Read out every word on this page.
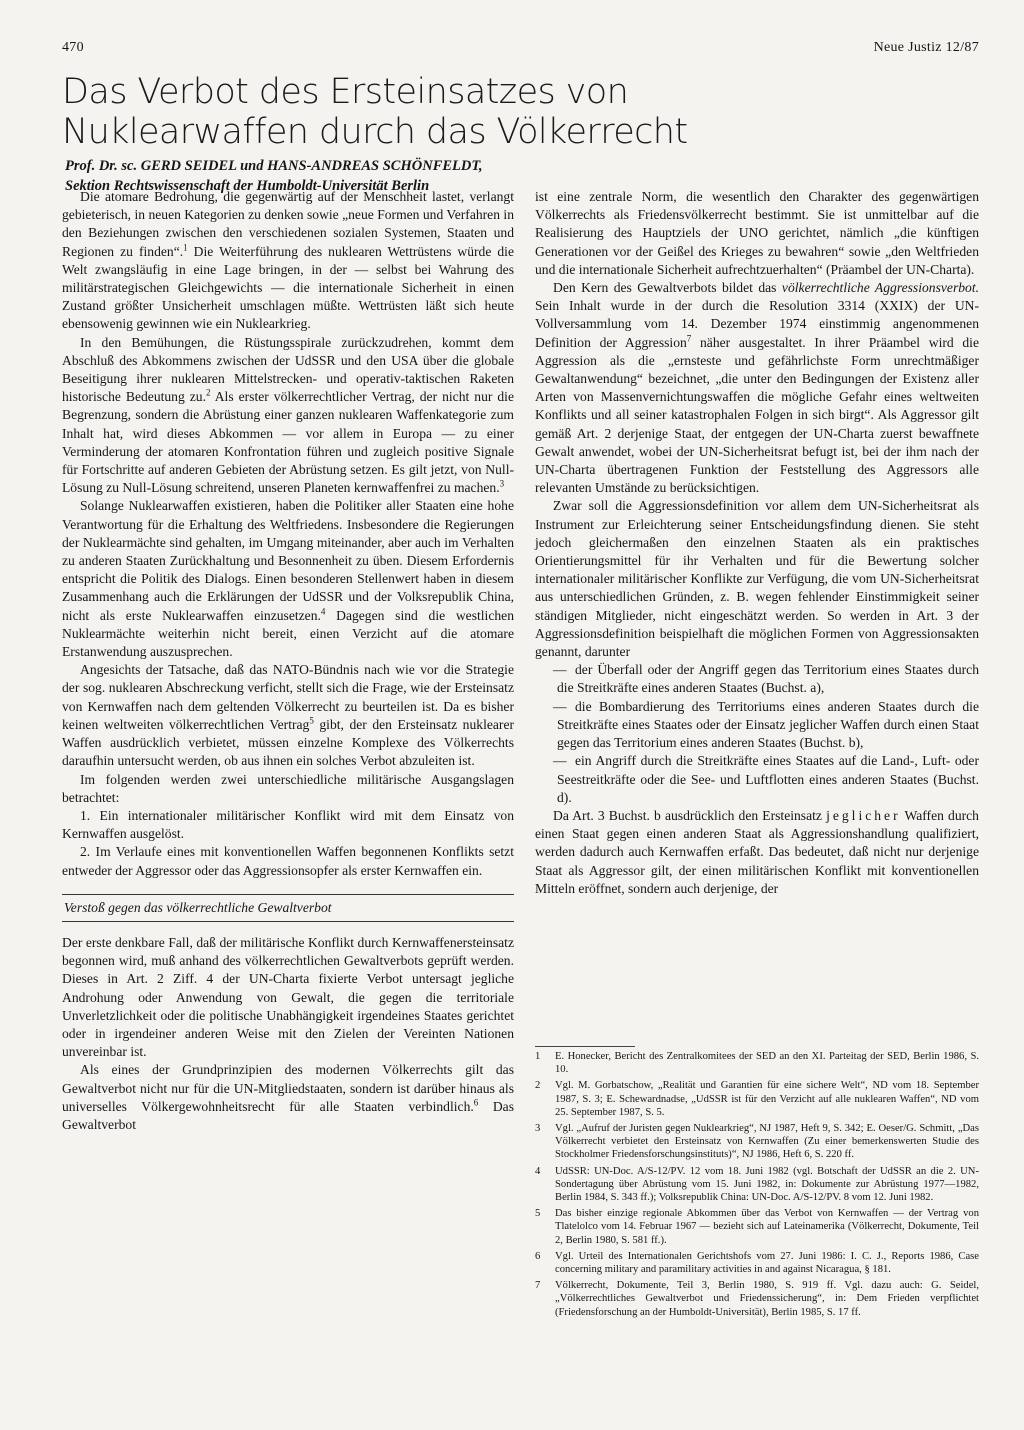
470	Neue Justiz 12/87
Das Verbot des Ersteinsatzes von Nuklearwaffen durch das Völkerrecht
Prof. Dr. sc. GERD SEIDEL und HANS-ANDREAS SCHÖNFELDT,
Sektion Rechtswissenschaft der Humboldt-Universität Berlin

Die atomare Bedrohung, die gegenwärtig auf der Menschheit lastet, verlangt gebieterisch, in neuen Kategorien zu denken sowie „neue Formen und Verfahren in den Beziehungen zwischen den verschiedenen sozialen Systemen, Staaten und Regionen zu finden“.$^1$ Die Weiterführung des nuklearen Wettrüstens würde die Welt zwangsläufig in eine Lage bringen, in der — selbst bei Wahrung des militärstrategischen Gleichgewichts — die internationale Sicherheit in einen Zustand größter Unsicherheit umschlagen müßte. Wettrüsten läßt sich heute ebensowenig gewinnen wie ein Nuklearkrieg.

In den Bemühungen, die Rüstungsspirale zurückzudrehen, kommt dem Abschluß des Abkommens zwischen der UdSSR und den USA über die globale Beseitigung ihrer nuklearen Mittelstrecken- und operativ-taktischen Raketen historische Bedeutung zu.$^2$ Als erster völkerrechtlicher Vertrag, der nicht nur die Begrenzung, sondern die Abrüstung einer ganzen nuklearen Waffenkategorie zum Inhalt hat, wird dieses Abkommen — vor allem in Europa — zu einer Verminderung der atomaren Konfrontation führen und zugleich positive Signale für Fortschritte auf anderen Gebieten der Abrüstung setzen. Es gilt jetzt, von Null-Lösung zu Null-Lösung schreitend, unseren Planeten kernwaffenfrei zu machen.$^3$

Solange Nuklearwaffen existieren, haben die Politiker aller Staaten eine hohe Verantwortung für die Erhaltung des Weltfriedens. Insbesondere die Regierungen der Nuklearmächte sind gehalten, im Umgang miteinander, aber auch im Verhalten zu anderen Staaten Zurückhaltung und Besonnenheit zu üben. Diesem Erfordernis entspricht die Politik des Dialogs. Einen besonderen Stellenwert haben in diesem Zusammenhang auch die Erklärungen der UdSSR und der Volksrepublik China, nicht als erste Nuklearwaffen einzusetzen.$^4$ Dagegen sind die westlichen Nuklearmächte weiterhin nicht bereit, einen Verzicht auf die atomare Erstanwendung auszusprechen.

Angesichts der Tatsache, daß das NATO-Bündnis nach wie vor die Strategie der sog. nuklearen Abschreckung verficht, stellt sich die Frage, wie der Ersteinsatz von Kernwaffen nach dem geltenden Völkerrecht zu beurteilen ist. Da es bisher keinen weltweiten völkerrechtlichen Vertrag$^5$ gibt, der den Ersteinsatz nuklearer Waffen ausdrücklich verbietet, müssen einzelne Komplexe des Völkerrechts daraufhin untersucht werden, ob aus ihnen ein solches Verbot abzuleiten ist.

Im folgenden werden zwei unterschiedliche militärische Ausgangslagen betrachtet:

1. Ein internationaler militärischer Konflikt wird mit dem Einsatz von Kernwaffen ausgelöst.

2. Im Verlaufe eines mit konventionellen Waffen begonnenen Konflikts setzt entweder der Aggressor oder das Aggressionsopfer als erster Kernwaffen ein.

Verstoß gegen das völkerrechtliche Gewaltverbot

Der erste denkbare Fall, daß der militärische Konflikt durch Kernwaffenersteinsatz begonnen wird, muß anhand des völkerrechtlichen Gewaltverbots geprüft werden. Dieses in Art. 2 Ziff. 4 der UN-Charta fixierte Verbot untersagt jegliche Androhung oder Anwendung von Gewalt, die gegen die territoriale Unverletzlichkeit oder die politische Unabhängigkeit irgendeines Staates gerichtet oder in irgendeiner anderen Weise mit den Zielen der Vereinten Nationen unvereinbar ist.

Als eines der Grundprinzipien des modernen Völkerrechts gilt das Gewaltverbot nicht nur für die UN-Mitgliedstaaten, sondern ist darüber hinaus als universelles Völkergewohnheitsrecht für alle Staaten verbindlich.$^6$ Das Gewaltverbot

ist eine zentrale Norm, die wesentlich den Charakter des gegenwärtigen Völkerrechts als Friedensvölkerrecht bestimmt. Sie ist unmittelbar auf die Realisierung des Hauptziels der UNO gerichtet, nämlich „die künftigen Generationen vor der Geißel des Krieges zu bewahren“ sowie „den Weltfrieden und die internationale Sicherheit aufrechtzuerhalten“ (Präambel der UN-Charta).

Den Kern des Gewaltverbots bildet das völkerrechtliche Aggressionsverbot. Sein Inhalt wurde in der durch die Resolution 3314 (XXIX) der UN-Vollversammlung vom 14. Dezember 1974 einstimmig angenommenen Definition der Aggression$^7$ näher ausgestaltet. In ihrer Präambel wird die Aggression als die „ernsteste und gefährlichste Form unrechtmäßiger Gewaltanwendung“ bezeichnet, „die unter den Bedingungen der Existenz aller Arten von Massenvernichtungswaffen die mögliche Gefahr eines weltweiten Konflikts und all seiner katastrophalen Folgen in sich birgt“. Als Aggressor gilt gemäß Art. 2 derjenige Staat, der entgegen der UN-Charta zuerst bewaffnete Gewalt anwendet, wobei der UN-Sicherheitsrat befugt ist, bei der ihm nach der UN-Charta übertragenen Funktion der Feststellung des Aggressors alle relevanten Umstände zu berücksichtigen.

Zwar soll die Aggressionsdefinition vor allem dem UN-Sicherheitsrat als Instrument zur Erleichterung seiner Entscheidungsfindung dienen. Sie steht jedoch gleichermaßen den einzelnen Staaten als ein praktisches Orientierungsmittel für ihr Verhalten und für die Bewertung solcher internationaler militärischer Konflikte zur Verfügung, die vom UN-Sicherheitsrat aus unterschiedlichen Gründen, z. B. wegen fehlender Einstimmigkeit seiner ständigen Mitglieder, nicht eingeschätzt werden. So werden in Art. 3 der Aggressionsdefinition beispielhaft die möglichen Formen von Aggressionsakten genannt, darunter

— der Überfall oder der Angriff gegen das Territorium eines Staates durch die Streitkräfte eines anderen Staates (Buchst. a),

— die Bombardierung des Territoriums eines anderen Staates durch die Streitkräfte eines Staates oder der Einsatz jeglicher Waffen durch einen Staat gegen das Territorium eines anderen Staates (Buchst. b),

— ein Angriff durch die Streitkräfte eines Staates auf die Land-, Luft- oder Seestreitkräfte oder die See- und Luftflotten eines anderen Staates (Buchst. d).

Da Art. 3 Buchst. b ausdrücklich den Ersteinsatz jeglicher Waffen durch einen Staat gegen einen anderen Staat als Aggressionshandlung qualifiziert, werden dadurch auch Kernwaffen erfaßt. Das bedeutet, daß nicht nur derjenige Staat als Aggressor gilt, der einen militärischen Konflikt mit konventionellen Mitteln eröffnet, sondern auch derjenige, der

1	E. Honecker, Bericht des Zentralkomitees der SED an den XI. Parteitag der SED, Berlin 1986, S. 10.
2	Vgl. M. Gorbatschow, „Realität und Garantien für eine sichere Welt“, ND vom 18. September 1987, S. 3; E. Schewardnadse, „UdSSR ist für den Verzicht auf alle nuklearen Waffen“, ND vom 25. September 1987, S. 5.
3	Vgl. „Aufruf der Juristen gegen Nuklearkrieg“, NJ 1987, Heft 9, S. 342; E. Oeser/G. Schmitt, „Das Völkerrecht verbietet den Ersteinsatz von Kernwaffen (Zu einer bemerkenswerten Studie des Stockholmer Friedensforschungsinstituts)“, NJ 1986, Heft 6, S. 220 ff.
4	UdSSR: UN-Doc. A/S-12/PV. 12 vom 18. Juni 1982 (vgl. Botschaft der UdSSR an die 2. UN-Sondertagung über Abrüstung vom 15. Juni 1982, in: Dokumente zur Abrüstung 1977—1982, Berlin 1984, S. 343 ff.); Volksrepublik China: UN-Doc. A/S-12/PV. 8 vom 12. Juni 1982.
5	Das bisher einzige regionale Abkommen über das Verbot von Kernwaffen — der Vertrag von Tlatelolco vom 14. Februar 1967 — bezieht sich auf Lateinamerika (Völkerrecht, Dokumente, Teil 2, Berlin 1980, S. 581 ff.).
6	Vgl. Urteil des Internationalen Gerichtshofs vom 27. Juni 1986: I. C. J., Reports 1986, Case concerning military and paramilitary activities in and against Nicaragua, § 181.
7	Völkerrecht, Dokumente, Teil 3, Berlin 1980, S. 919 ff. Vgl. dazu auch: G. Seidel, „Völkerrechtliches Gewaltverbot und Friedenssicherung“, in: Dem Frieden verpflichtet (Friedensforschung an der Humboldt-Universität), Berlin 1985, S. 17 ff.
